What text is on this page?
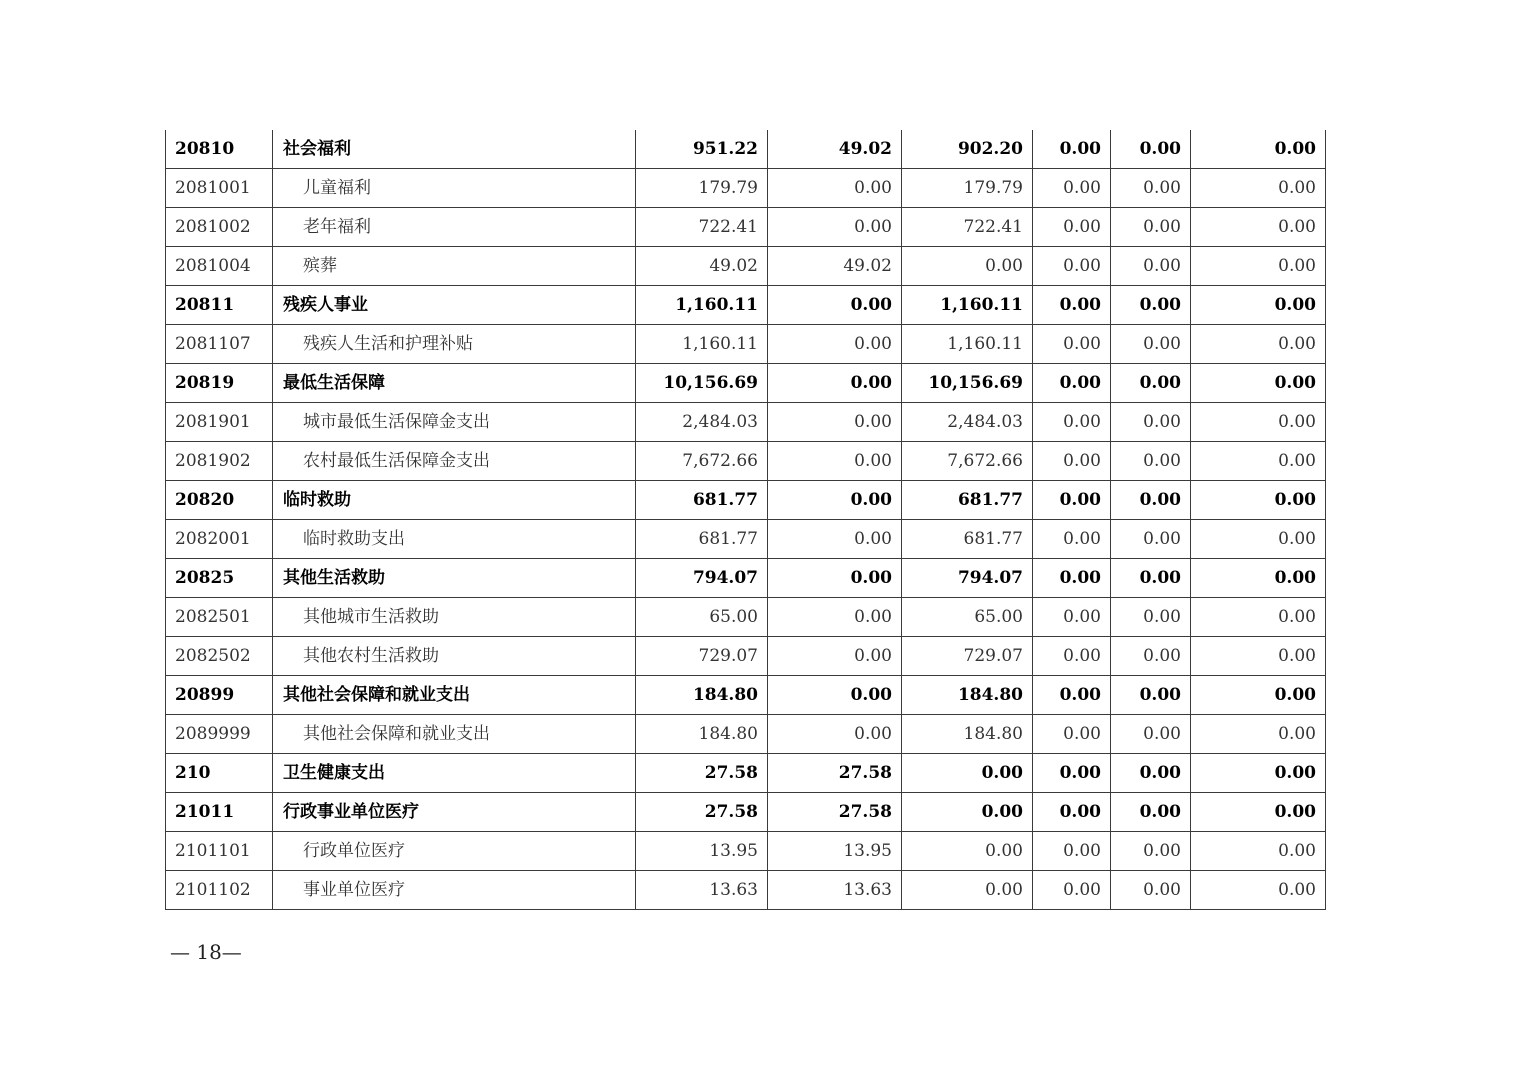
20810	社会福利	951.22	49.02	902.20	0.00	0.00	0.00
2081001	儿童福利	179.79	0.00	179.79	0.00	0.00	0.00
2081002	老年福利	722.41	0.00	722.41	0.00	0.00	0.00
2081004	殡葬	49.02	49.02	0.00	0.00	0.00	0.00
20811	残疾人事业	1,160.11	0.00	1,160.11	0.00	0.00	0.00
2081107	残疾人生活和护理补贴	1,160.11	0.00	1,160.11	0.00	0.00	0.00
20819	最低生活保障	10,156.69	0.00	10,156.69	0.00	0.00	0.00
2081901	城市最低生活保障金支出	2,484.03	0.00	2,484.03	0.00	0.00	0.00
2081902	农村最低生活保障金支出	7,672.66	0.00	7,672.66	0.00	0.00	0.00
20820	临时救助	681.77	0.00	681.77	0.00	0.00	0.00
2082001	临时救助支出	681.77	0.00	681.77	0.00	0.00	0.00
20825	其他生活救助	794.07	0.00	794.07	0.00	0.00	0.00
2082501	其他城市生活救助	65.00	0.00	65.00	0.00	0.00	0.00
2082502	其他农村生活救助	729.07	0.00	729.07	0.00	0.00	0.00
20899	其他社会保障和就业支出	184.80	0.00	184.80	0.00	0.00	0.00
2089999	其他社会保障和就业支出	184.80	0.00	184.80	0.00	0.00	0.00
210	卫生健康支出	27.58	27.58	0.00	0.00	0.00	0.00
21011	行政事业单位医疗	27.58	27.58	0.00	0.00	0.00	0.00
2101101	行政单位医疗	13.95	13.95	0.00	0.00	0.00	0.00
2101102	事业单位医疗	13.63	13.63	0.00	0.00	0.00	0.00
— 18—
